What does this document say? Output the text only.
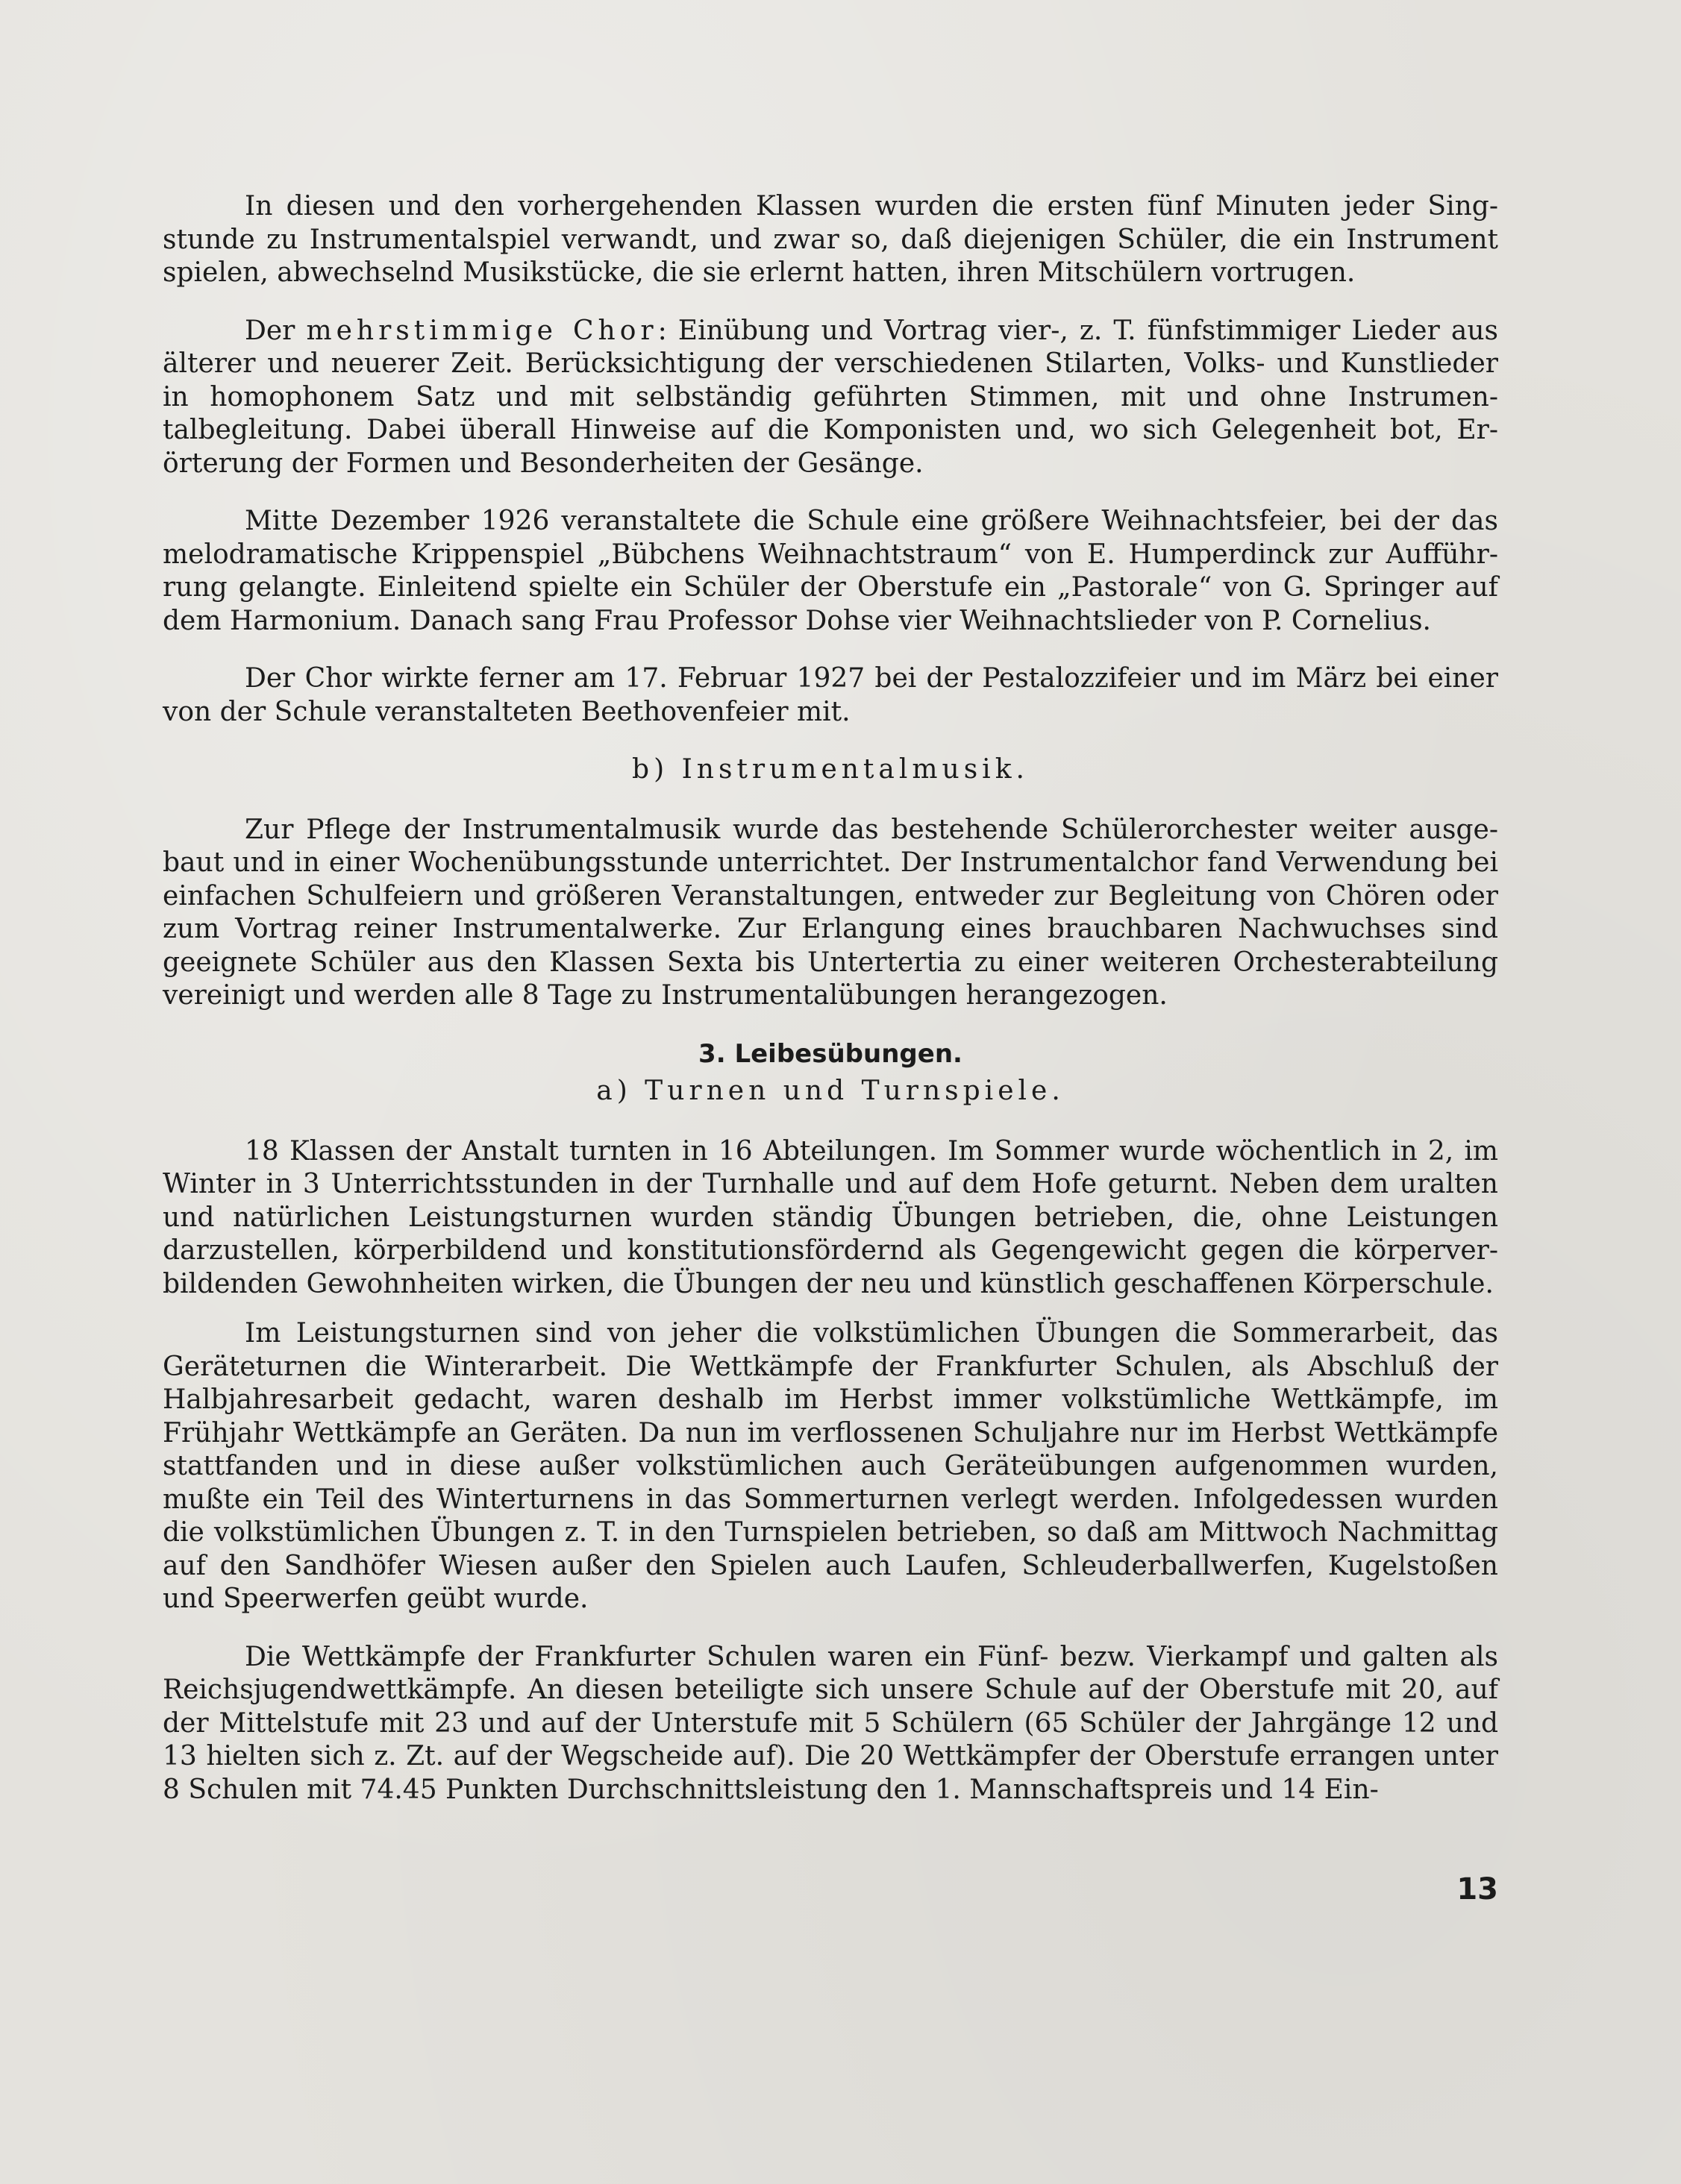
In diesen und den vorhergehenden Klassen wurden die ersten fünf Minuten jeder Singstunde zu Instrumentalspiel verwandt, und zwar so, daß diejenigen Schüler, die ein Instrument spielen, abwechselnd Musikstücke, die sie erlernt hatten, ihren Mitschülern vortrugen.

Der mehrstimmige Chor: Einübung und Vortrag vier-, z. T. fünfstimmiger Lieder aus älterer und neuerer Zeit. Berücksichtigung der verschiedenen Stilarten, Volks- und Kunstlieder in homophonem Satz und mit selbständig geführten Stimmen, mit und ohne Instrumentalbegleitung. Dabei überall Hinweise auf die Komponisten und, wo sich Gelegenheit bot, Erörterung der Formen und Besonderheiten der Gesänge.

Mitte Dezember 1926 veranstaltete die Schule eine größere Weihnachtsfeier, bei der das melodramatische Krippenspiel „Bübchens Weihnachtstraum“ von E. Humperdinck zur Aufführrung gelangte. Einleitend spielte ein Schüler der Oberstufe ein „Pastorale“ von G. Springer auf dem Harmonium. Danach sang Frau Professor Dohse vier Weihnachtslieder von P. Cornelius.

Der Chor wirkte ferner am 17. Februar 1927 bei der Pestalozzifeier und im März bei einer von der Schule veranstalteten Beethovenfeier mit.

b) Instrumentalmusik.

Zur Pflege der Instrumentalmusik wurde das bestehende Schülerorchester weiter ausgebaut und in einer Wochenübungsstunde unterrichtet. Der Instrumentalchor fand Verwendung bei einfachen Schulfeiern und größeren Veranstaltungen, entweder zur Begleitung von Chören oder zum Vortrag reiner Instrumentalwerke. Zur Erlangung eines brauchbaren Nachwuchses sind geeignete Schüler aus den Klassen Sexta bis Untertertia zu einer weiteren Orchesterabteilung vereinigt und werden alle 8 Tage zu Instrumentalübungen herangezogen.

3. Leibesübungen.
a) Turnen und Turnspiele.

18 Klassen der Anstalt turnten in 16 Abteilungen. Im Sommer wurde wöchentlich in 2, im Winter in 3 Unterrichtsstunden in der Turnhalle und auf dem Hofe geturnt. Neben dem uralten und natürlichen Leistungsturnen wurden ständig Übungen betrieben, die, ohne Leistungen darzustellen, körperbildend und konstitutionsfördernd als Gegengewicht gegen die körperverbildenden Gewohnheiten wirken, die Übungen der neu und künstlich geschaffenen Körperschule.

Im Leistungsturnen sind von jeher die volkstümlichen Übungen die Sommerarbeit, das Geräteturnen die Winterarbeit. Die Wettkämpfe der Frankfurter Schulen, als Abschluß der Halbjahresarbeit gedacht, waren deshalb im Herbst immer volkstümliche Wettkämpfe, im Frühjahr Wettkämpfe an Geräten. Da nun im verflossenen Schuljahre nur im Herbst Wettkämpfe stattfanden und in diese außer volkstümlichen auch Geräteübungen aufgenommen wurden, mußte ein Teil des Winterturnens in das Sommerturnen verlegt werden. Infolgedessen wurden die volkstümlichen Übungen z. T. in den Turnspielen betrieben, so daß am Mittwoch Nachmittag auf den Sandhöfer Wiesen außer den Spielen auch Laufen, Schleuderballwerfen, Kugelstoßen und Speerwerfen geübt wurde.

Die Wettkämpfe der Frankfurter Schulen waren ein Fünf- bezw. Vierkampf und galten als Reichsjugendwettkämpfe. An diesen beteiligte sich unsere Schule auf der Oberstufe mit 20, auf der Mittelstufe mit 23 und auf der Unterstufe mit 5 Schülern (65 Schüler der Jahrgänge 12 und 13 hielten sich z. Zt. auf der Wegscheide auf). Die 20 Wettkämpfer der Oberstufe errangen unter 8 Schulen mit 74.45 Punkten Durchschnittsleistung den 1. Mannschaftspreis und 14 Ein-

13
